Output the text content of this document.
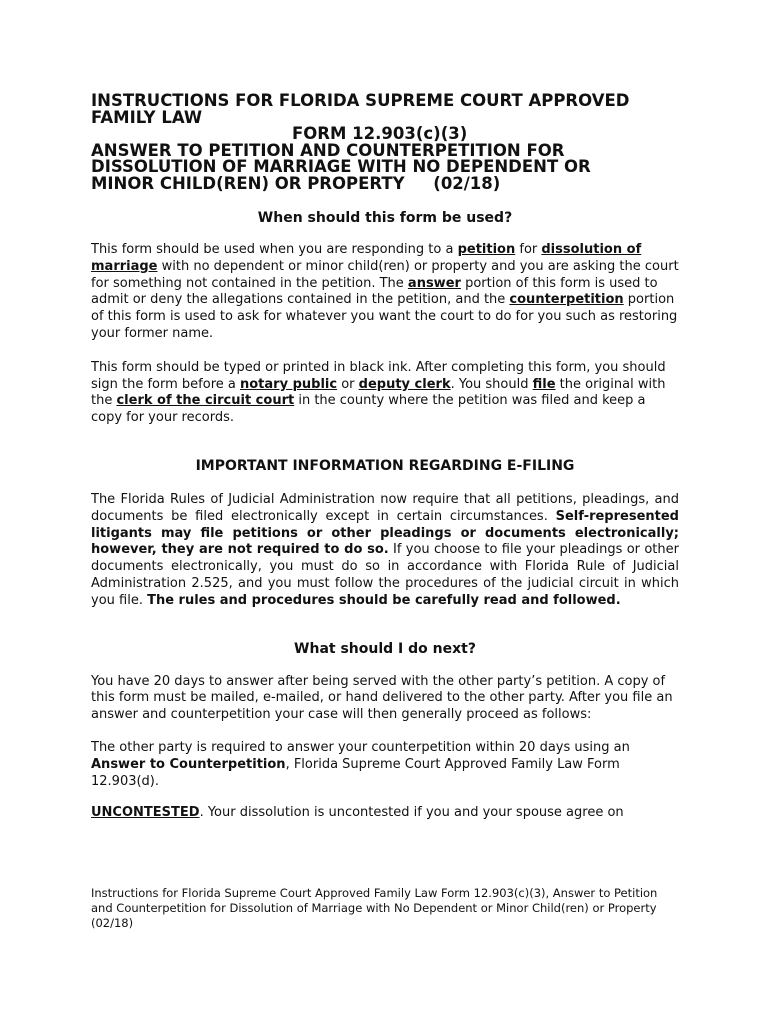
INSTRUCTIONS FOR FLORIDA SUPREME COURT APPROVED
FAMILY LAW
FORM 12.903(c)(3)
ANSWER TO PETITION AND COUNTERPETITION FOR
DISSOLUTION OF MARRIAGE WITH NO DEPENDENT OR
MINOR CHILD(REN) OR PROPERTY     (02/18)
When should this form be used?

This form should be used when you are responding to a petition for dissolution of marriage with no dependent or minor child(ren) or property and you are asking the court for something not contained in the petition. The answer portion of this form is used to admit or deny the allegations contained in the petition, and the counterpetition portion of this form is used to ask for whatever you want the court to do for you such as restoring your former name.

This form should be typed or printed in black ink. After completing this form, you should sign the form before a notary public or deputy clerk. You should file the original with the clerk of the circuit court in the county where the petition was filed and keep a copy for your records.

IMPORTANT INFORMATION REGARDING E-FILING

The Florida Rules of Judicial Administration now require that all petitions, pleadings, and documents be filed electronically except in certain circumstances. Self-represented litigants may file petitions or other pleadings or documents electronically; however, they are not required to do so. If you choose to file your pleadings or other documents electronically, you must do so in accordance with Florida Rule of Judicial Administration 2.525, and you must follow the procedures of the judicial circuit in which you file. The rules and procedures should be carefully read and followed.

What should I do next?

You have 20 days to answer after being served with the other party’s petition. A copy of this form must be mailed, e-mailed, or hand delivered to the other party. After you file an answer and counterpetition your case will then generally proceed as follows:

The other party is required to answer your counterpetition within 20 days using an Answer to Counterpetition, Florida Supreme Court Approved Family Law Form 12.903(d).

UNCONTESTED. Your dissolution is uncontested if you and your spouse agree on

Instructions for Florida Supreme Court Approved Family Law Form 12.903(c)(3), Answer to Petition and Counterpetition for Dissolution of Marriage with No Dependent or Minor Child(ren) or Property (02/18)
